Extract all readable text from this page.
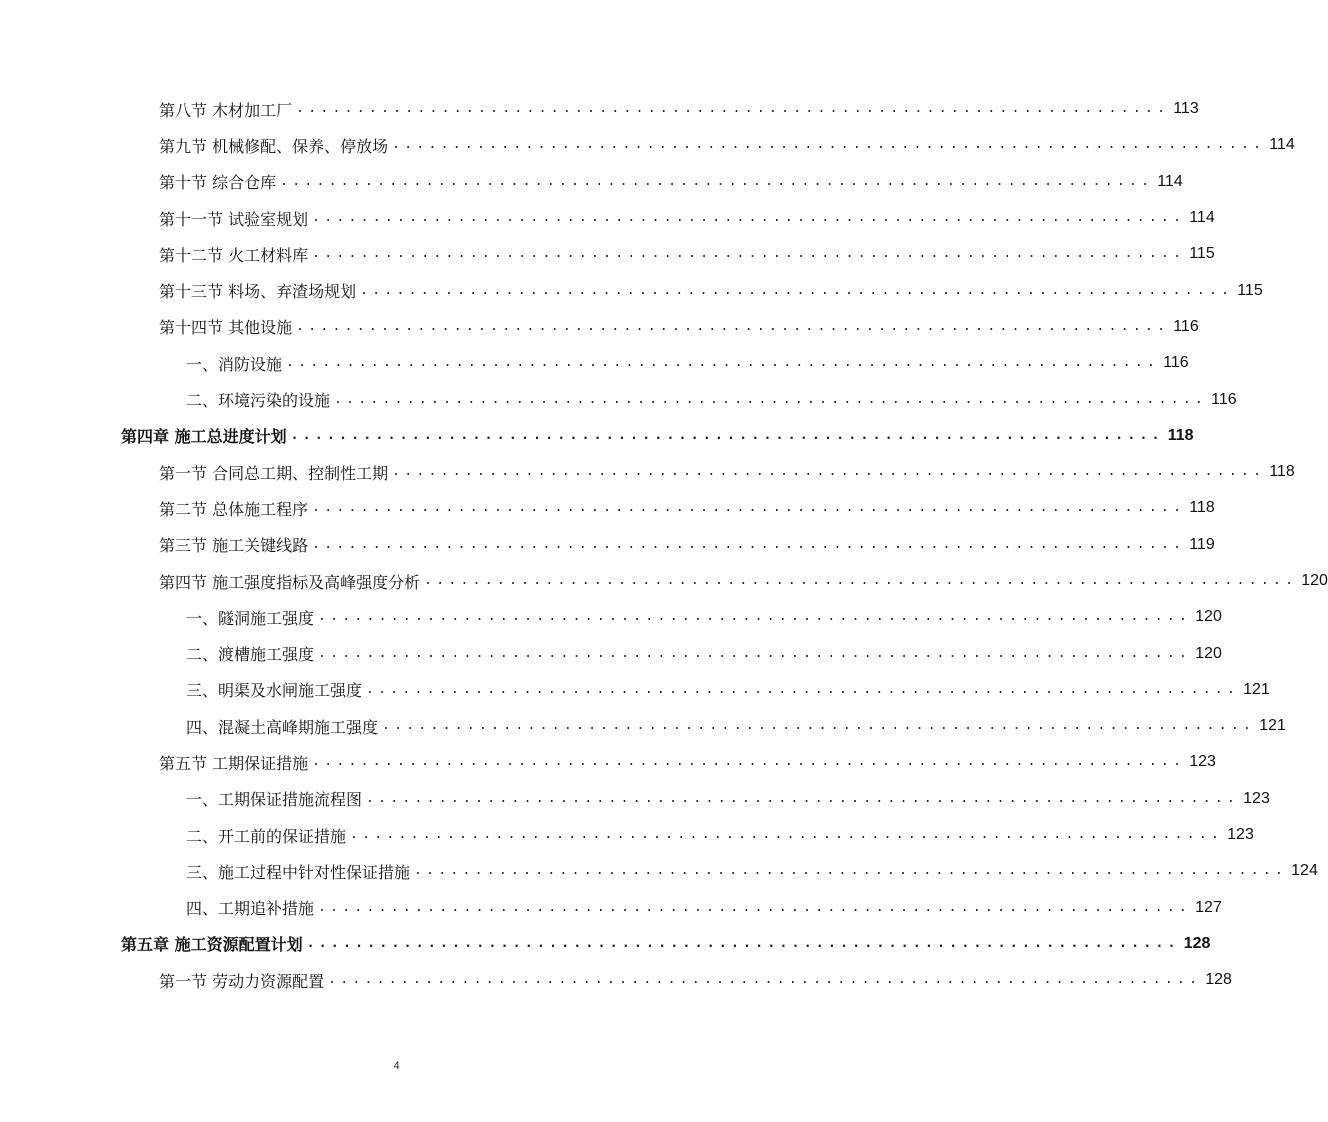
第八节 木材加工厂 ........................................................................ 113
第九节 机械修配、保养、停放场 ........................................................................ 114
第十节 综合仓库 ........................................................................ 114
第十一节 试验室规划 ........................................................................ 114
第十二节 火工材料库 ........................................................................ 115
第十三节 料场、弃渣场规划 ........................................................................ 115
第十四节 其他设施 ........................................................................ 116
一、消防设施 ........................................................................ 116
二、环境污染的设施 ........................................................................ 116
第四章 施工总进度计划 ........................................................................ 118
第一节 合同总工期、控制性工期 ........................................................................ 118
第二节 总体施工程序 ........................................................................ 118
第三节 施工关键线路 ........................................................................ 119
第四节 施工强度指标及高峰强度分析 ........................................................................ 120
一、隧洞施工强度 ........................................................................ 120
二、渡槽施工强度 ........................................................................ 120
三、明渠及水闸施工强度 ........................................................................ 121
四、混凝土高峰期施工强度 ........................................................................ 121
第五节 工期保证措施 ........................................................................ 123
一、工期保证措施流程图 ........................................................................ 123
二、开工前的保证措施 ........................................................................ 123
三、施工过程中针对性保证措施 ........................................................................ 124
四、工期追补措施 ........................................................................ 127
第五章 施工资源配置计划 ........................................................................ 128
第一节 劳动力资源配置 ........................................................................ 128
4
